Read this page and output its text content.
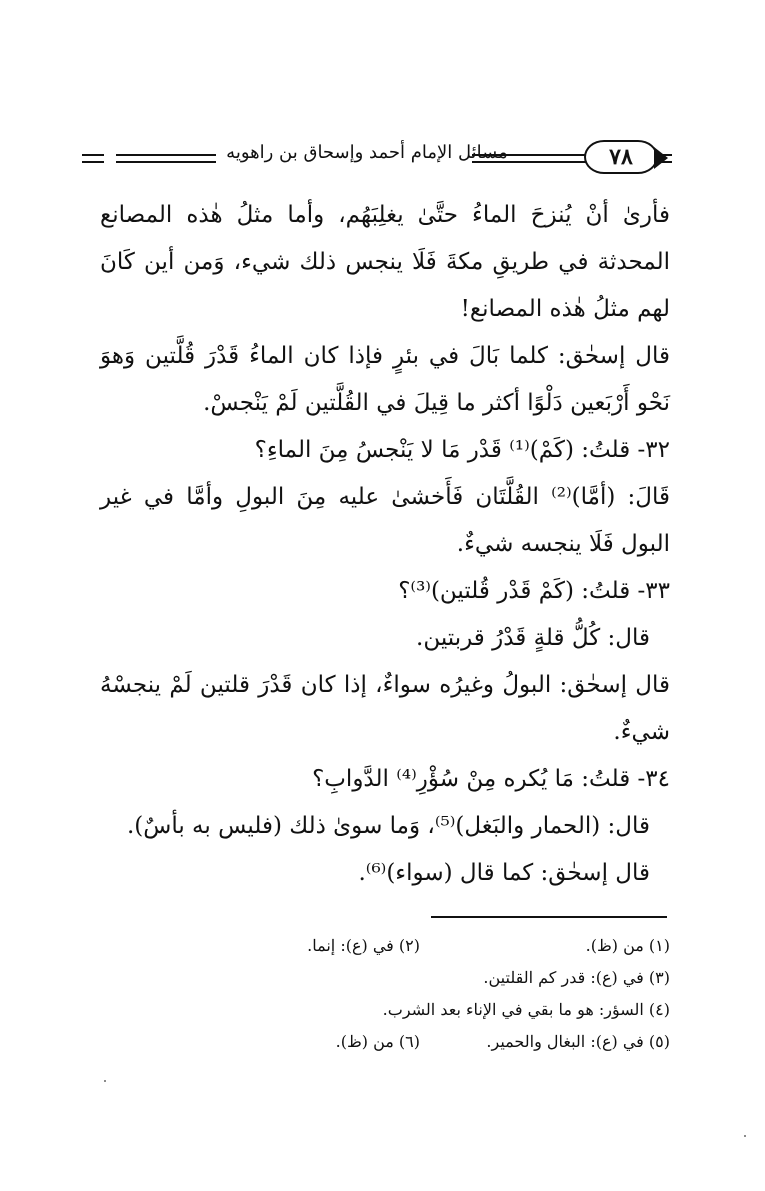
مسائل الإمام أحمد وإسحاق بن راهويه	٧٨

فأرىٰ أنْ يُنزحَ الماءُ حتَّىٰ يغلِبَهُم، وأما مثلُ هٰذه المصانع المحدثة في طريقِ مكةَ فَلَا ينجس ذلك شيء، وَمن أين كَانَ لهم مثلُ هٰذه المصانع!

قال إسحٰق: كلما بَالَ في بئرٍ فإذا كان الماءُ قَدْرَ قُلَّتين وَهوَ نَحْو أَرْبَعين دَلْوًا أكثر ما قِيلَ في القُلَّتين لَمْ يَنْجسْ.

٣٢- قلتُ: (كَمْ)⁽¹⁾ قَدْر مَا لا يَنْجسُ مِنَ الماءِ؟

قَالَ: (أمَّا)⁽²⁾ القُلَّتَان فَأَخشىٰ عليه مِنَ البولِ وأمَّا في غير البول فَلَا ينجسه شيءٌ.

٣٣- قلتُ: (كَمْ قَدْر قُلتين)⁽³⁾؟

قال: كُلُّ قلةٍ قَدْرُ قربتين.

قال إسحٰق: البولُ وغيرُه سواءٌ، إذا كان قَدْرَ قلتين لَمْ ينجسْهُ شيءٌ.

٣٤- قلتُ: مَا يُكره مِنْ سُؤْرِ⁽⁴⁾ الدَّوابِ؟

قال: (الحمار والبَغل)⁽⁵⁾، وَما سوىٰ ذلك (فليس به بأسٌ).

قال إسحٰق: كما قال (سواء)⁽⁶⁾.

(١) من (ظ).
(٢) في (ع): إنما.
(٣) في (ع): قدر كم القلتين.
(٤) السؤر: هو ما بقي في الإناء بعد الشرب.
(٥) في (ع): البغال والحمير.
(٦) من (ظ).
